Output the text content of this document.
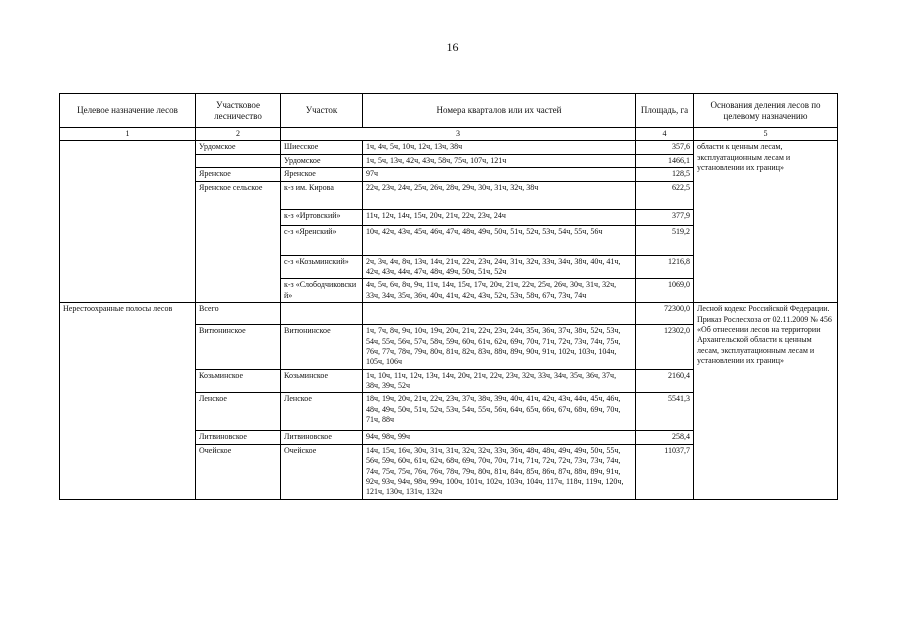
16
Целевое назначение лесов	Участковое лесничество	Участок	Номера кварталов или их частей	Площадь, га	Основания деления лесов по целевому назначению
1	2	3		4	5
	Урдомское	Шиесское	1ч, 4ч, 5ч, 10ч, 12ч, 13ч, 38ч	357,6	области к ценным лесам, эксплуатационным лесам и установлении их границ»
		Урдомское	1ч, 5ч, 13ч, 42ч, 43ч, 58ч, 75ч, 107ч, 121ч	1466,1	
	Яренское	Яренское	97ч	128,5	
	Яренское сельское	к-з им. Кирова	22ч, 23ч, 24ч, 25ч, 26ч, 28ч, 29ч, 30ч, 31ч, 32ч, 38ч	622,5	
		к-з «Иртовский»	11ч, 12ч, 14ч, 15ч, 20ч, 21ч, 22ч, 23ч, 24ч	377,9	
		с-з «Яренский»	10ч, 42ч, 43ч, 45ч, 46ч, 47ч, 48ч, 49ч, 50ч, 51ч, 52ч, 53ч, 54ч, 55ч, 56ч	519,2	
		с-з «Козьминский»	2ч, 3ч, 4ч, 8ч, 13ч, 14ч, 21ч, 22ч, 23ч, 24ч, 31ч, 32ч, 33ч, 34ч, 38ч, 40ч, 41ч, 42ч, 43ч, 44ч, 47ч, 48ч, 49ч, 50ч, 51ч, 52ч	1216,8	
		к-з «Слободчиковски й»	4ч, 5ч, 6ч, 8ч, 9ч, 11ч, 14ч, 15ч, 17ч, 20ч, 21ч, 22ч, 25ч, 26ч, 30ч, 31ч, 32ч, 33ч, 34ч, 35ч, 36ч, 40ч, 41ч, 42ч, 43ч, 52ч, 53ч, 58ч, 67ч, 73ч, 74ч	1069,0	
Нерестоохранные полосы лесов	Всего			72300,0	Лесной кодекс Российской Федерации. Приказ Рослесхоза от 02.11.2009 № 456 «Об отнесении лесов на территории Архангельской области к ценным лесам, эксплуатационным лесам и установлении их границ»
	Витюнинское	Витюнинское	1ч, 7ч, 8ч, 9ч, 10ч, 19ч, 20ч, 21ч, 22ч, 23ч, 24ч, 35ч, 36ч, 37ч, 38ч, 52ч, 53ч, 54ч, 55ч, 56ч, 57ч, 58ч, 59ч, 60ч, 61ч, 62ч, 69ч, 70ч, 71ч, 72ч, 73ч, 74ч, 75ч, 76ч, 77ч, 78ч, 79ч, 80ч, 81ч, 82ч, 83ч, 88ч, 89ч, 90ч, 91ч, 102ч, 103ч, 104ч, 105ч, 106ч	12302,0	
	Козьминское	Козьминское	1ч, 10ч, 11ч, 12ч, 13ч, 14ч, 20ч, 21ч, 22ч, 23ч, 32ч, 33ч, 34ч, 35ч, 36ч, 37ч, 38ч, 39ч, 52ч	2160,4	
	Ленское	Ленское	18ч, 19ч, 20ч, 21ч, 22ч, 23ч, 37ч, 38ч, 39ч, 40ч, 41ч, 42ч, 43ч, 44ч, 45ч, 46ч, 48ч, 49ч, 50ч, 51ч, 52ч, 53ч, 54ч, 55ч, 56ч, 64ч, 65ч, 66ч, 67ч, 68ч, 69ч, 70ч, 71ч, 88ч	5541,3	
	Литвиновское	Литвиновское	94ч, 98ч, 99ч	258,4	
	Очейское	Очейское	14ч, 15ч, 16ч, 30ч, 31ч, 31ч, 32ч, 32ч, 33ч, 36ч, 48ч, 48ч, 49ч, 49ч, 50ч, 55ч, 56ч, 59ч, 60ч, 61ч, 62ч, 68ч, 69ч, 70ч, 70ч, 71ч, 71ч, 72ч, 72ч, 73ч, 73ч, 74ч, 74ч, 75ч, 75ч, 76ч, 76ч, 78ч, 79ч, 80ч, 81ч, 84ч, 85ч, 86ч, 87ч, 88ч, 89ч, 91ч, 92ч, 93ч, 94ч, 98ч, 99ч, 100ч, 101ч, 102ч, 103ч, 104ч, 117ч, 118ч, 119ч, 120ч, 121ч, 130ч, 131ч, 132ч	11037,7	
